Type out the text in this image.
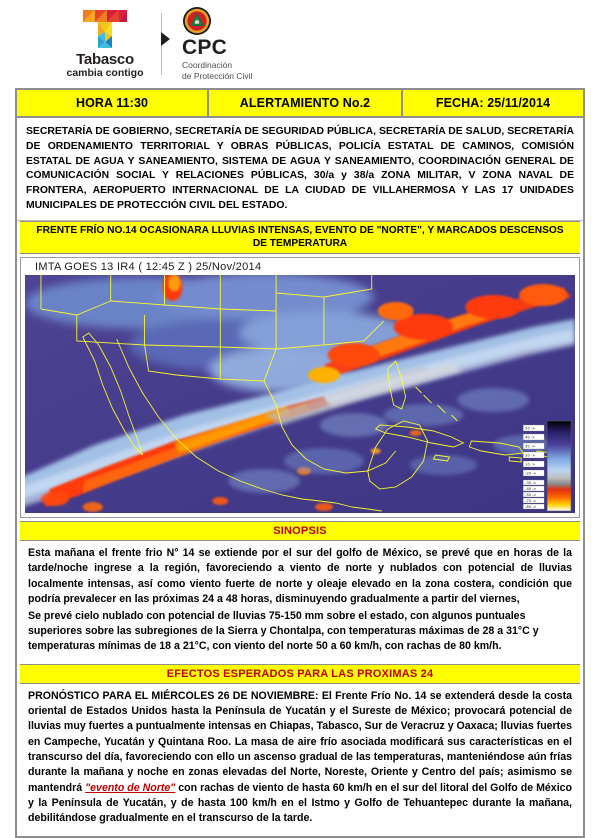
Tabasco
cambia contigo
CPC
Coordinación
de Protección Civil
HORA 11:30	ALERTAMIENTO No.2	FECHA: 25/11/2014
SECRETARÍA DE GOBIERNO, SECRETARÍA DE SEGURIDAD PÚBLICA, SECRETARÍA DE SALUD, SECRETARÍA DE ORDENAMIENTO TERRITORIAL Y OBRAS PÚBLICAS, POLICÍA ESTATAL DE CAMINOS, COMISIÓN ESTATAL DE AGUA Y SANEAMIENTO, SISTEMA DE AGUA Y SANEAMIENTO, COORDINACIÓN GENERAL DE COMUNICACIÓN SOCIAL Y RELACIONES PÚBLICAS, 30/a y 38/a ZONA MILITAR, V ZONA NAVAL DE FRONTERA, AEROPUERTO INTERNACIONAL DE LA CIUDAD DE VILLAHERMOSA Y LAS 17 UNIDADES MUNICIPALES DE PROTECCIÓN CIVIL DEL ESTADO.
FRENTE FRÍO NO.14 OCASIONARA LLUVIAS INTENSAS, EVENTO DE "NORTE", Y MARCADOS DESCENSOS DE TEMPERATURA
IMTA GOES 13 IR4 ( 12:45 Z ) 25/Nov/2014
50 ->
40 ->
30 ->
20 ->
10 ->
-20 ->
-30 ->
-40 ->
-50 ->
-70 ->
-80 ->
SINOPSIS

Esta mañana el frente frio N° 14 se extiende por el sur del golfo de México, se prevé que en horas de la tarde/noche ingrese a la región, favoreciendo a viento de norte y nublados con potencial de lluvias localmente intensas, así como viento fuerte de norte y oleaje elevado en la zona costera, condición que podría prevalecer en las próximas 24 a 48 horas, disminuyendo gradualmente a partir del viernes,

Se prevé cielo nublado con potencial de lluvias 75-150 mm sobre el estado, con algunos puntuales superiores sobre las subregiones de la Sierra y Chontalpa, con temperaturas máximas de 28 a 31°C y temperaturas mínimas de 18 a 21°C, con viento del norte 50 a 60 km/h, con rachas de 80 km/h.

EFECTOS ESPERADOS PARA LAS PROXIMAS 24

PRONÓSTICO PARA EL MIÉRCOLES 26 DE NOVIEMBRE: El Frente Frío No. 14 se extenderá desde la costa oriental de Estados Unidos hasta la Península de Yucatán y el Sureste de México; provocará potencial de lluvias muy fuertes a puntualmente intensas en Chiapas, Tabasco, Sur de Veracruz y Oaxaca; lluvias fuertes en Campeche, Yucatán y Quintana Roo. La masa de aire frío asociada modificará sus características en el transcurso del día, favoreciendo con ello un ascenso gradual de las temperaturas, manteniéndose aún frías durante la mañana y noche en zonas elevadas del Norte, Noreste, Oriente y Centro del país; asimismo se mantendrá "evento de Norte" con rachas de viento de hasta 60 km/h en el sur del litoral del Golfo de México y la Península de Yucatán, y de hasta 100 km/h en el Istmo y Golfo de Tehuantepec durante la mañana, debilitándose gradualmente en el transcurso de la tarde.
